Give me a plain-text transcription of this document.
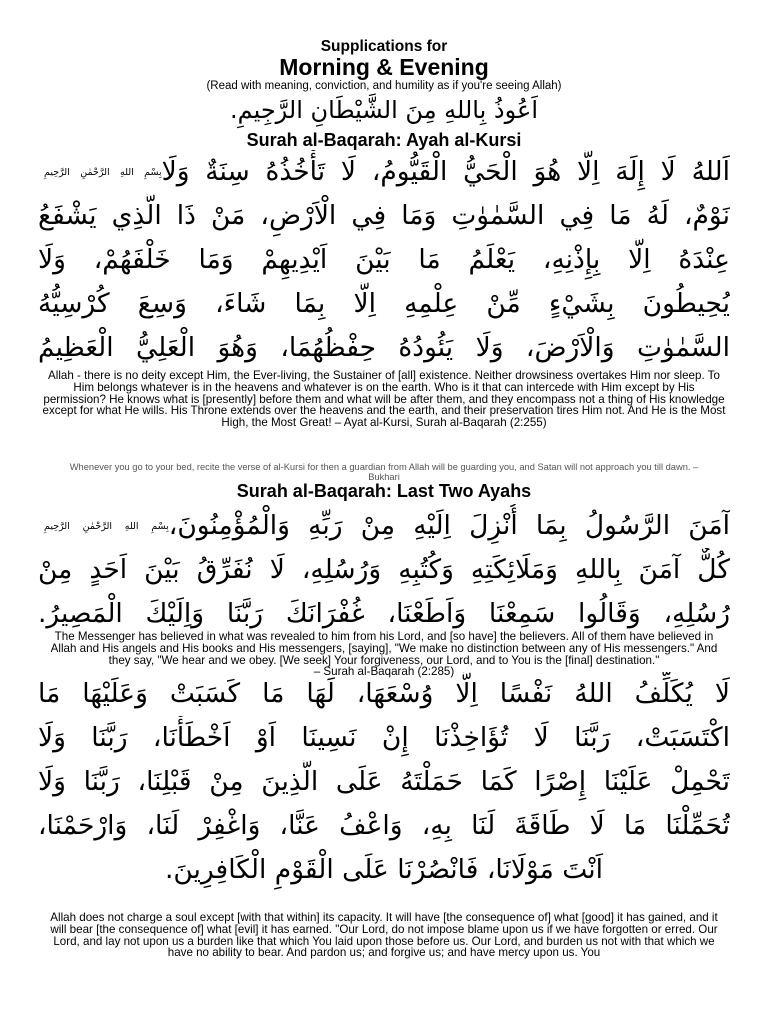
Supplications for
Morning & Evening
(Read with meaning, conviction, and humility as if you're seeing Allah)
اَعُوذُ بِاللهِ مِنَ الشَّيْطَانِ الرَّجِيمِ.
Surah al-Baqarah: Ayah al-Kursi
اَللهُ لَا إِلَهَ اِلَّا هُوَ الْحَيُّ الْقَيُّومُ، لَا تَأْخُذُهُ سِنَةٌ وَلَابِسْمِ اللهِ الرَّحْمٰنِ الرَّحِيمِ
نَوْمٌ، لَهُ مَا فِي السَّمٰوٰتِ وَمَا فِي الْاَرْضِ، مَنْ ذَا الَّذِي يَشْفَعُ
عِنْدَهُ اِلَّا بِإِذْنِهِ، يَعْلَمُ مَا بَيْنَ اَيْدِيهِمْ وَمَا خَلْفَهُمْ، وَلَا
يُحِيطُونَ بِشَيْءٍ مِّنْ عِلْمِهِ اِلَّا بِمَا شَاءَ، وَسِعَ كُرْسِيُّهُ
السَّمٰوٰتِ وَالْاَرْضَ، وَلَا يَئُودُهُ حِفْظُهُمَا، وَهُوَ الْعَلِيُّ الْعَظِيمُ
Allah - there is no deity except Him, the Ever-living, the Sustainer of [all] existence. Neither drowsiness overtakes Him nor sleep. To Him belongs whatever is in the heavens and whatever is on the earth. Who is it that can intercede with Him except by His permission? He knows what is [presently] before them and what will be after them, and they encompass not a thing of His knowledge except for what He wills. His Throne extends over the heavens and the earth, and their preservation tires Him not. And He is the Most High, the Most Great! – Ayat al-Kursi, Surah al-Baqarah (2:255)
Whenever you go to your bed, recite the verse of al-Kursi for then a guardian from Allah will be guarding you, and Satan will not approach you till dawn. – Bukhari
Surah al-Baqarah: Last Two Ayahs
آمَنَ الرَّسُولُ بِمَا أُنْزِلَ اِلَيْهِ مِنْ رَبِّهِ وَالْمُؤْمِنُونَ،بِسْمِ اللهِ الرَّحْمٰنِ الرَّحِيمِ
كُلٌّ آمَنَ بِاللهِ وَمَلَائِكَتِهِ وَكُتُبِهِ وَرُسُلِهِ، لَا نُفَرِّقُ بَيْنَ اَحَدٍ مِنْ
رُسُلِهِ، وَقَالُوا سَمِعْنَا وَاَطَعْنَا، غُفْرَانَكَ رَبَّنَا وَاِلَيْكَ الْمَصِيرُ.
The Messenger has believed in what was revealed to him from his Lord, and [so have] the believers. All of them have believed in Allah and His angels and His books and His messengers, [saying], "We make no distinction between any of His messengers." And they say, "We hear and we obey. [We seek] Your forgiveness, our Lord, and to You is the [final] destination."
– Surah al-Baqarah (2:285)
لَا يُكَلِّفُ اللهُ نَفْسًا اِلَّا وُسْعَهَا، لَهَا مَا كَسَبَتْ وَعَلَيْهَا مَا
اكْتَسَبَتْ، رَبَّنَا لَا تُؤَاخِذْنَا إِنْ نَسِينَا اَوْ اَخْطَأْنَا، رَبَّنَا وَلَا
تَحْمِلْ عَلَيْنَا إِصْرًا كَمَا حَمَلْتَهُ عَلَى الَّذِينَ مِنْ قَبْلِنَا، رَبَّنَا وَلَا
تُحَمِّلْنَا مَا لَا طَاقَةَ لَنَا بِهِ، وَاعْفُ عَنَّا، وَاغْفِرْ لَنَا، وَارْحَمْنَا،
اَنْتَ مَوْلَانَا، فَانْصُرْنَا عَلَى الْقَوْمِ الْكَافِرِينَ.
Allah does not charge a soul except [with that within] its capacity. It will have [the consequence of] what [good] it has gained, and it will bear [the consequence of] what [evil] it has earned. "Our Lord, do not impose blame upon us if we have forgotten or erred. Our Lord, and lay not upon us a burden like that which You laid upon those before us. Our Lord, and burden us not with that which we have no ability to bear. And pardon us; and forgive us; and have mercy upon us. You
